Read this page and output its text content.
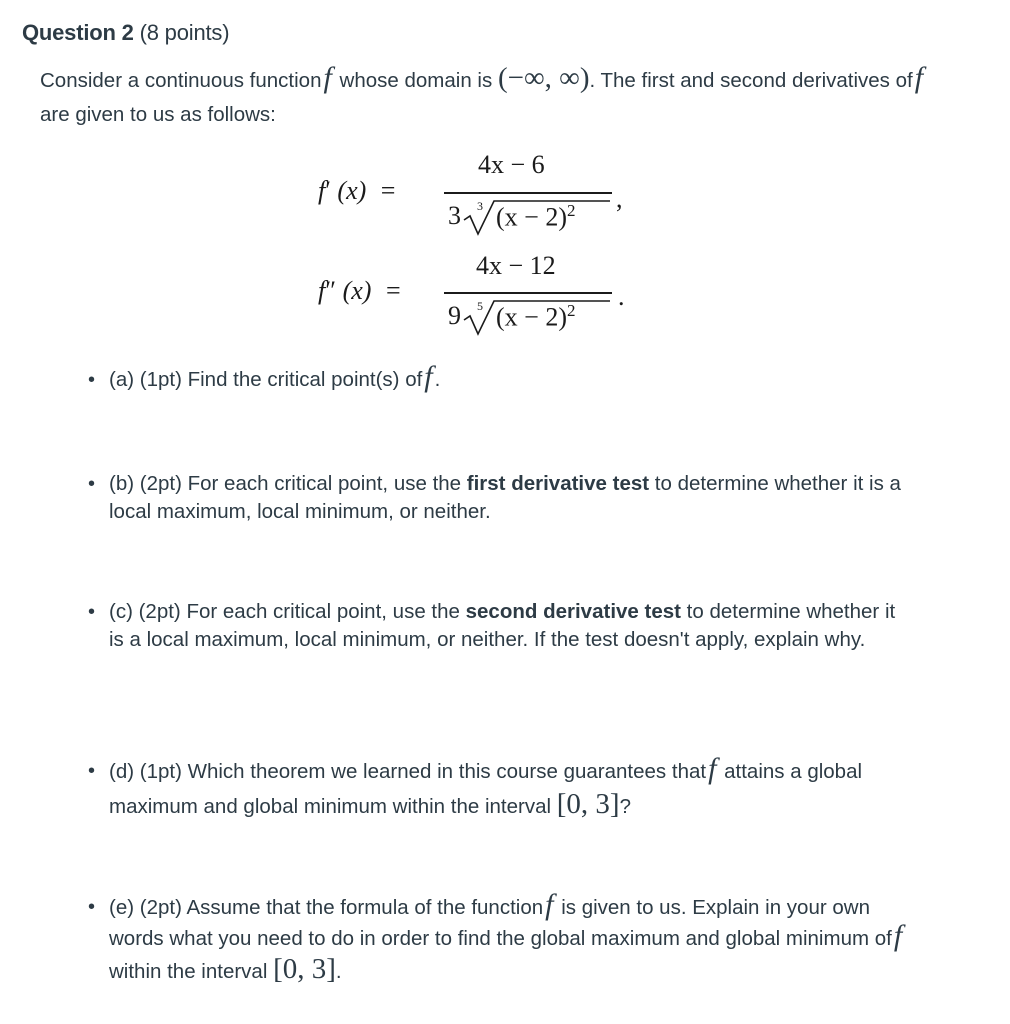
Question 2 (8 points)
Consider a continuous functionf whose domain is (−∞, ∞). The first and second derivatives off are given to us as follows:
f′ (x) =
4x − 6
3 3 $(x - 2)^2$ ,
f″ (x) =
4x − 12
9 5 $(x - 2)^2$ .
• (a) (1pt) Find the critical point(s) off.
• (b) (2pt) For each critical point, use the first derivative test to determine whether it is a local maximum, local minimum, or neither.
• (c) (2pt) For each critical point, use the second derivative test to determine whether it is a local maximum, local minimum, or neither. If the test doesn't apply, explain why.
• (d) (1pt) Which theorem we learned in this course guarantees thatf attains a global maximum and global minimum within the interval [0, 3]?
• (e) (2pt) Assume that the formula of the functionf is given to us. Explain in your own words what you need to do in order to find the global maximum and global minimum off within the interval [0, 3].
